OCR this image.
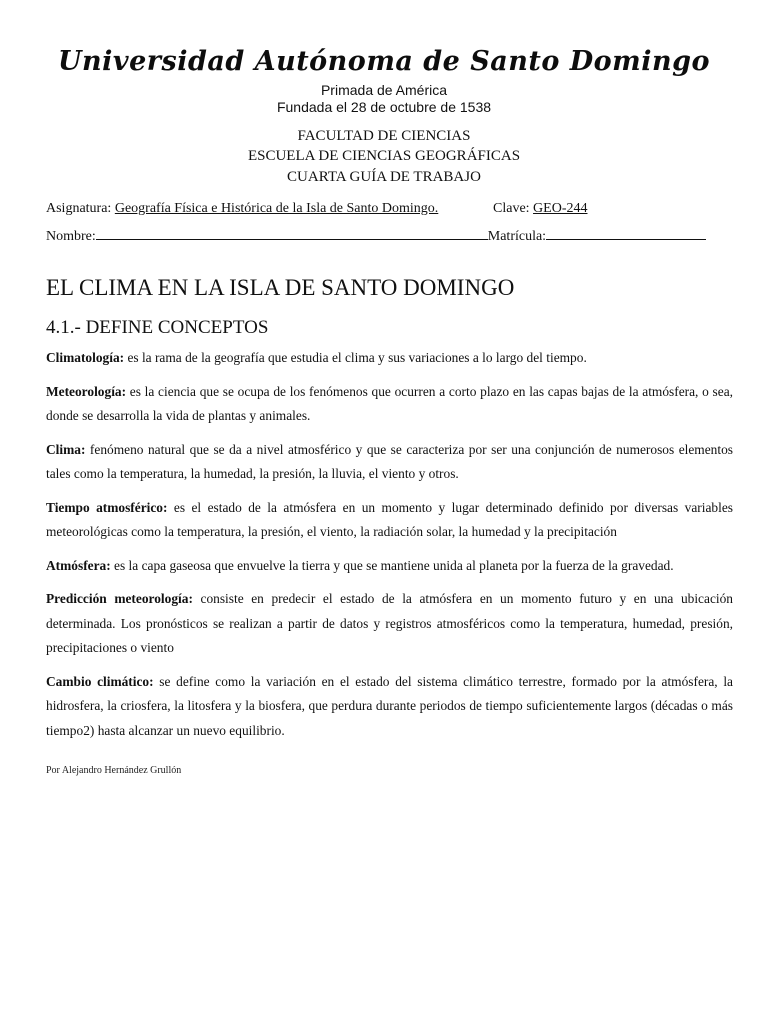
Universidad Autónoma de Santo Domingo
Primada de América
Fundada el 28 de octubre de 1538
FACULTAD DE CIENCIAS
ESCUELA DE CIENCIAS GEOGRÁFICAS
CUARTA GUÍA DE TRABAJO
Asignatura: Geografía Física e Histórica de la Isla de Santo Domingo.	Clave: GEO-244
Nombre:	Matrícula:
EL CLIMA EN LA ISLA DE SANTO DOMINGO
4.1.- DEFINE CONCEPTOS

Climatología: es la rama de la geografía que estudia el clima y sus variaciones a lo largo del tiempo.

Meteorología: es la ciencia que se ocupa de los fenómenos que ocurren a corto plazo en las capas bajas de la atmósfera, o sea, donde se desarrolla la vida de plantas y animales.

Clima: fenómeno natural que se da a nivel atmosférico y que se caracteriza por ser una conjunción de numerosos elementos tales como la temperatura, la humedad, la presión, la lluvia, el viento y otros.

Tiempo atmosférico: es el estado de la atmósfera en un momento y lugar determinado definido por diversas variables meteorológicas como la temperatura, la presión, el viento, la radiación solar, la humedad y la precipitación

Atmósfera: es la capa gaseosa que envuelve la tierra y que se mantiene unida al planeta por la fuerza de la gravedad.

Predicción meteorología: consiste en predecir el estado de la atmósfera en un momento futuro y en una ubicación determinada. Los pronósticos se realizan a partir de datos y registros atmosféricos como la temperatura, humedad, presión, precipitaciones o viento

Cambio climático: se define como la variación en el estado del sistema climático terrestre, formado por la atmósfera, la hidrosfera, la criosfera, la litosfera y la biosfera, que perdura durante periodos de tiempo suficientemente largos (décadas o más tiempo2) hasta alcanzar un nuevo equilibrio.

Por Alejandro Hernández Grullón
